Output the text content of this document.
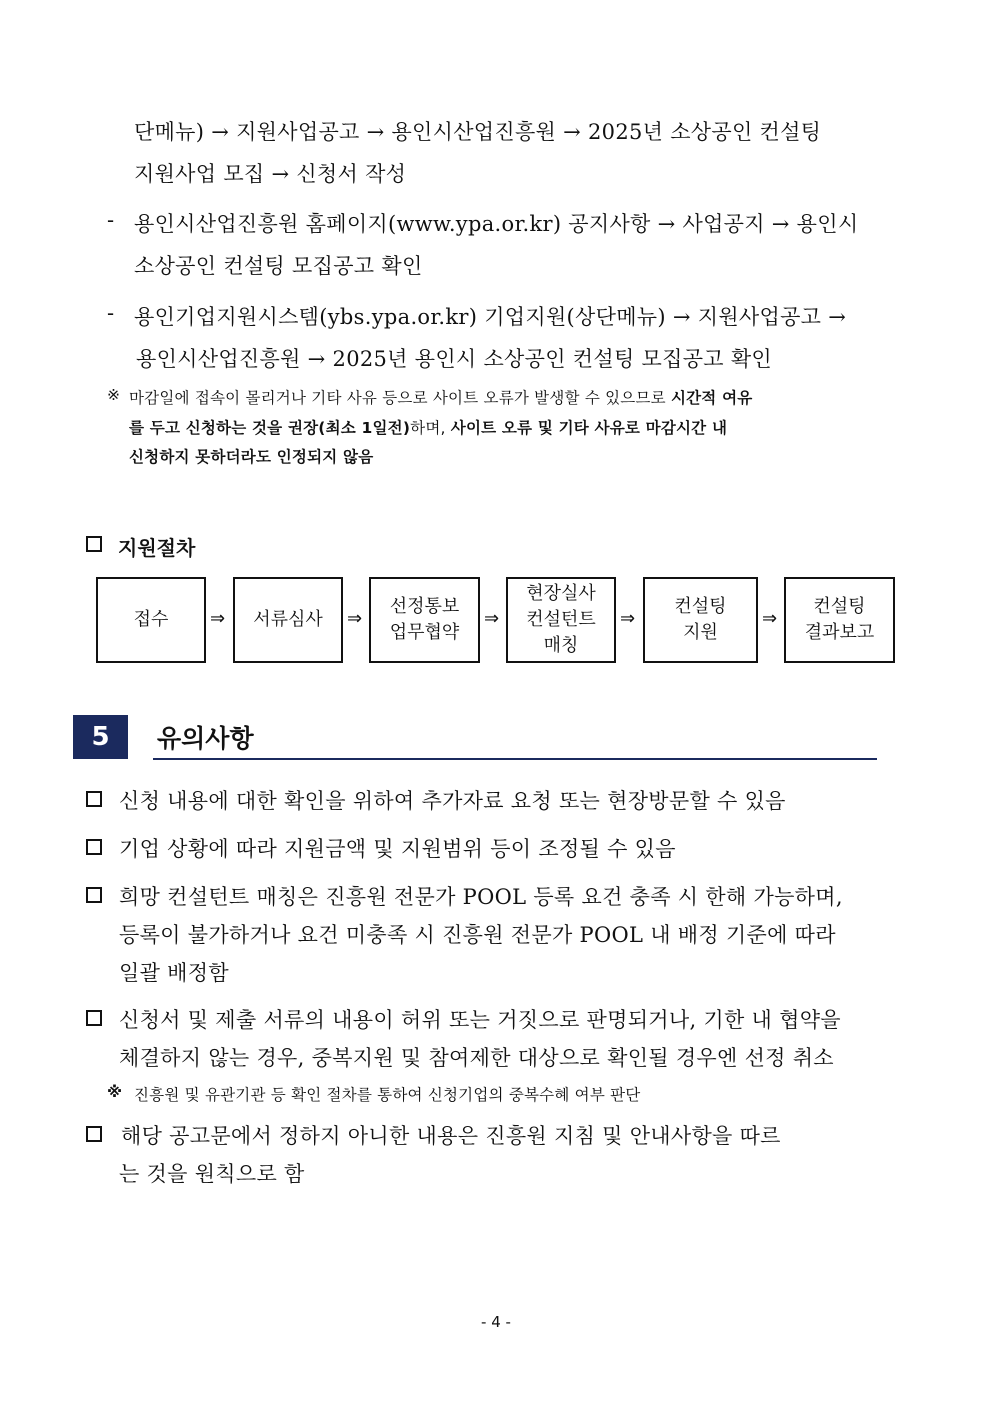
단메뉴) → 지원사업공고 → 용인시산업진흥원 → 2025년 소상공인 컨설팅
지원사업 모집 → 신청서 작성
- 용인시산업진흥원 홈페이지(www.ypa.or.kr) 공지사항 → 사업공지 → 용인시
소상공인 컨설팅 모집공고 확인
- 용인기업지원시스템(ybs.ypa.or.kr) 기업지원(상단메뉴) → 지원사업공고 →
용인시산업진흥원 → 2025년 용인시 소상공인 컨설팅 모집공고 확인
※ 마감일에 접속이 몰리거나 기타 사유 등으로 사이트 오류가 발생할 수 있으므로 시간적 여유
를 두고 신청하는 것을 권장(최소 1일전)하며, 사이트 오류 및 기타 사유로 마감시간 내
신청하지 못하더라도 인정되지 않음
지원절차
접수	⇒	서류심사	⇒
선정통보
업무협약
⇒
현장실사
컨설턴트
매칭
⇒
컨설팅
지원
⇒
컨설팅
결과보고
5	유의사항
신청 내용에 대한 확인을 위하여 추가자료 요청 또는 현장방문할 수 있음
기업 상황에 따라 지원금액 및 지원범위 등이 조정될 수 있음
희망 컨설턴트 매칭은 진흥원 전문가 POOL 등록 요건 충족 시 한해 가능하며,
등록이 불가하거나 요건 미충족 시 진흥원 전문가 POOL 내 배정 기준에 따라
일괄 배정함
신청서 및 제출 서류의 내용이 허위 또는 거짓으로 판명되거나, 기한 내 협약을
체결하지 않는 경우, 중복지원 및 참여제한 대상으로 확인될 경우엔 선정 취소
※ 진흥원 및 유관기관 등 확인 절차를 통하여 신청기업의 중복수혜 여부 판단
해당 공고문에서 정하지 아니한 내용은 진흥원 지침 및 안내사항을 따르
는 것을 원칙으로 함
- 4 -
